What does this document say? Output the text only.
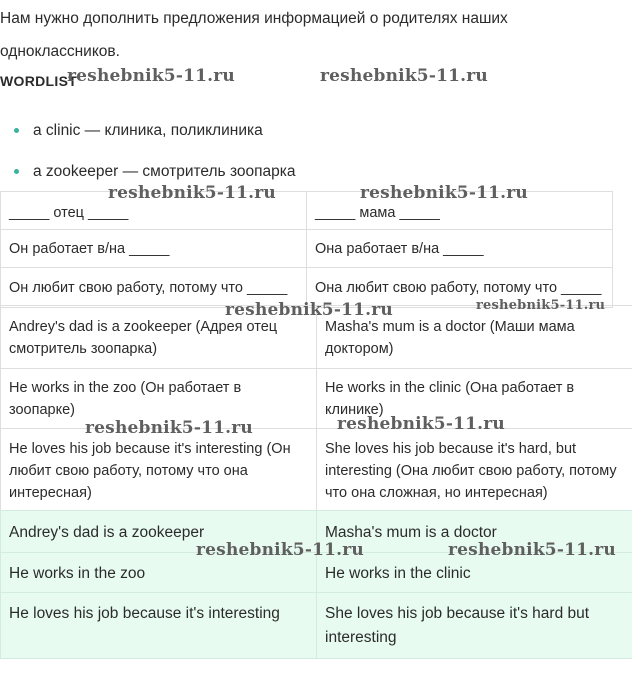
Нам нужно дополнить предложения информацией о родителях наших одноклассников.
WORDLIST
a clinic — клиника, поликлиника
a zookeeper — смотритель зоопарка
_____ отец _____	_____ мама _____
Он работает в/на _____	Она работает в/на _____
Он любит свою работу, потому что _____	Она любит свою работу, потому что _____
Andrey's dad is a zookeeper (Адрея отец смотритель зоопарка)	Masha's mum is a doctor (Маши мама доктором)
He works in the zoo (Он работает в зоопарке)	He works in the clinic (Она работает в клинике)
He loves his job because it's interesting (Он любит свою работу, потому что она интересная)	She loves his job because it's hard, but interesting (Она любит свою работу, потому что она сложная, но интересная)
Andrey's dad is a zookeeper	Masha's mum is a doctor
He works in the zoo	He works in the clinic
He loves his job because it's interesting	She loves his job because it's hard but interesting
reshebnik5-11.ru	reshebnik5-11.ru
reshebnik5-11.ru	reshebnik5-11.ru
reshebnik5-11.ru	reshebnik5-11.ru
reshebnik5-11.ru	reshebnik5-11.ru
reshebnik5-11.ru	reshebnik5-11.ru
